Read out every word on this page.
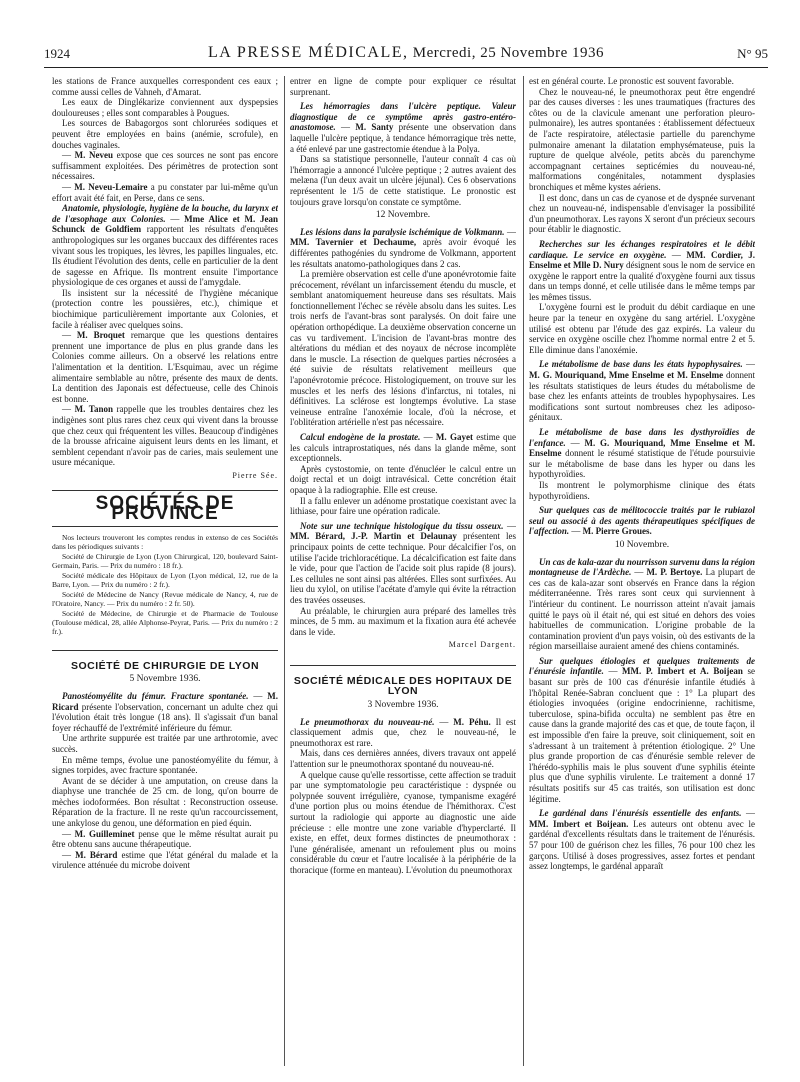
1924	LA PRESSE MÉDICALE, Mercredi, 25 Novembre 1936	N° 95

les stations de France auxquelles correspondent ces eaux ; comme aussi celles de Vahneh, d'Amarat.

Les eaux de Dinglékarize conviennent aux dyspepsies douloureuses ; elles sont comparables à Pougues.

Les sources de Babagorgos sont chlorurées sodiques et peuvent être employées en bains (anémie, scrofule), en douches vaginales.

— M. Neveu expose que ces sources ne sont pas encore suffisamment exploitées. Des périmètres de protection sont nécessaires.

— M. Neveu-Lemaire a pu constater par lui-même qu'un effort avait été fait, en Perse, dans ce sens.

Anatomie, physiologie, hygiène de la bouche, du larynx et de l'œsophage aux Colonies. — Mme Alice et M. Jean Schunck de Goldfiem rapportent les résultats d'enquêtes anthropologiques sur les organes buccaux des différentes races vivant sous les tropiques, les lèvres, les papilles linguales, etc. Ils étudient l'évolution des dents, celle en particulier de la dent de sagesse en Afrique. Ils montrent ensuite l'importance physiologique de ces organes et aussi de l'amygdale.

Ils insistent sur la nécessité de l'hygiène mécanique (protection contre les poussières, etc.), chimique et biochimique particulièrement importante aux Colonies, et facile à réaliser avec quelques soins.

— M. Broquet remarque que les questions dentaires prennent une importance de plus en plus grande dans les Colonies comme ailleurs. On a observé les relations entre l'alimentation et la dentition. L'Esquimau, avec un régime alimentaire semblable au nôtre, présente des maux de dents. La dentition des Japonais est défectueuse, celle des Chinois est bonne.

— M. Tanon rappelle que les troubles dentaires chez les indigènes sont plus rares chez ceux qui vivent dans la brousse que chez ceux qui fréquentent les villes. Beaucoup d'indigènes de la brousse africaine aiguisent leurs dents en les limant, et semblent cependant n'avoir pas de caries, mais seulement une usure mécanique.

Pierre Sée.
SOCIÉTÉS DE PROVINCE

Nos lecteurs trouveront les comptes rendus in extenso de ces Sociétés dans les périodiques suivants :

Société de Chirurgie de Lyon (Lyon Chirurgical, 120, boulevard Saint-Germain, Paris. — Prix du numéro : 18 fr.).

Société médicale des Hôpitaux de Lyon (Lyon médical, 12, rue de la Barre, Lyon. — Prix du numéro : 2 fr.).

Société de Médecine de Nancy (Revue médicale de Nancy, 4, rue de l'Oratoire, Nancy. — Prix du numéro : 2 fr. 50).

Société de Médecine, de Chirurgie et de Pharmacie de Toulouse (Toulouse médical, 28, allée Alphonse-Peyrat, Paris. — Prix du numéro : 2 fr.).

SOCIÉTÉ DE CHIRURGIE DE LYON
5 Novembre 1936.

Panostéomyélite du fémur. Fracture spontanée. — M. Ricard présente l'observation, concernant un adulte chez qui l'évolution était très longue (18 ans). Il s'agissait d'un banal foyer réchauffé de l'extrémité inférieure du fémur.

Une arthrite suppurée est traitée par une arthrotomie, avec succès.

En même temps, évolue une panostéomyélite du fémur, à signes torpides, avec fracture spontanée.

Avant de se décider à une amputation, on creuse dans la diaphyse une tranchée de 25 cm. de long, qu'on bourre de mèches iodoformées. Bon résultat : Reconstruction osseuse. Réparation de la fracture. Il ne reste qu'un raccourcissement, une ankylose du genou, une déformation en pied équin.

— M. Guilleminet pense que le même résultat aurait pu être obtenu sans aucune thérapeutique.

— M. Bérard estime que l'état général du malade et la virulence atténuée du microbe doivent

entrer en ligne de compte pour expliquer ce résultat surprenant.

Les hémorragies dans l'ulcère peptique. Valeur diagnostique de ce symptôme après gastro-entéro-anastomose. — M. Santy présente une observation dans laquelle l'ulcère peptique, à tendance hémorragique très nette, a été enlevé par une gastrectomie étendue à la Polya.

Dans sa statistique personnelle, l'auteur connaît 4 cas où l'hémorragie a annoncé l'ulcère peptique ; 2 autres avaient des melæna (l'un deux avait un ulcère jéjunal). Ces 6 observations représentent le 1/5 de cette statistique. Le pronostic est toujours grave lorsqu'on constate ce symptôme.

12 Novembre.

Les lésions dans la paralysie ischémique de Volkmann. — MM. Tavernier et Dechaume, après avoir évoqué les différentes pathogénies du syndrome de Volkmann, apportent les résultats anatomo-pathologiques dans 2 cas.

La première observation est celle d'une aponévrotomie faite précocement, révélant un infarcissement étendu du muscle, et semblant anatomiquement heureuse dans ses résultats. Mais fonctionnellement l'échec se révèle absolu dans les suites. Les trois nerfs de l'avant-bras sont paralysés. On doit faire une opération orthopédique. La deuxième observation concerne un cas vu tardivement. L'incision de l'avant-bras montre des altérations du médian et des noyaux de nécrose incomplète dans le muscle. La résection de quelques parties nécrosées a été suivie de résultats relativement meilleurs que l'aponévrotomie précoce. Histologiquement, on trouve sur les muscles et les nerfs des lésions d'infarctus, ni totales, ni définitives. La sclérose est longtemps évolutive. La stase veineuse entraîne l'anoxémie locale, d'où la nécrose, et l'oblitération artérielle n'est pas nécessaire.

Calcul endogène de la prostate. — M. Gayet estime que les calculs intraprostatiques, nés dans la glande même, sont exceptionnels.

Après cystostomie, on tente d'énucléer le calcul entre un doigt rectal et un doigt intravésical. Cette concrétion était opaque à la radiographie. Elle est creuse.

Il a fallu enlever un adénome prostatique coexistant avec la lithiase, pour faire une opération radicale.

Note sur une technique histologique du tissu osseux. — MM. Bérard, J.-P. Martin et Delaunay présentent les principaux points de cette technique. Pour décalcifier l'os, on utilise l'acide trichloracétique. La décalcification est faite dans le vide, pour que l'action de l'acide soit plus rapide (8 jours). Les cellules ne sont ainsi pas altérées. Elles sont surfixées. Au lieu du xylol, on utilise l'acétate d'amyle qui évite la rétraction des travées osseuses.

Au préalable, le chirurgien aura préparé des lamelles très minces, de 5 mm. au maximum et la fixation aura été achevée dans le vide.

Marcel Dargent.
SOCIÉTÉ MÉDICALE DES HOPITAUX DE LYON
3 Novembre 1936.

Le pneumothorax du nouveau-né. — M. Péhu. Il est classiquement admis que, chez le nouveau-né, le pneumothorax est rare.

Mais, dans ces dernières années, divers travaux ont appelé l'attention sur le pneumothorax spontané du nouveau-né.

A quelque cause qu'elle ressortisse, cette affection se traduit par une symptomatologie peu caractéristique : dyspnée ou polypnée souvent irrégulière, cyanose, tympanisme exagéré d'une portion plus ou moins étendue de l'hémithorax. C'est surtout la radiologie qui apporte au diagnostic une aide précieuse : elle montre une zone variable d'hyperclarté. Il existe, en effet, deux formes distinctes de pneumothorax : l'une généralisée, amenant un refoulement plus ou moins considérable du cœur et l'autre localisée à la périphérie de la thoracique (forme en manteau). L'évolution du pneumothorax

est en général courte. Le pronostic est souvent favorable.

Chez le nouveau-né, le pneumothorax peut être engendré par des causes diverses : les unes traumatiques (fractures des côtes ou de la clavicule amenant une perforation pleuro-pulmonaire), les autres spontanées : établissement défectueux de l'acte respiratoire, atélectasie partielle du parenchyme pulmonaire amenant la dilatation emphysémateuse, puis la rupture de quelque alvéole, petits abcès du parenchyme accompagnant certaines septicémies du nouveau-né, malformations congénitales, notamment dysplasies bronchiques et même kystes aériens.

Il est donc, dans un cas de cyanose et de dyspnée survenant chez un nouveau-né, indispensable d'envisager la possibilité d'un pneumothorax. Les rayons X seront d'un précieux secours pour établir le diagnostic.

Recherches sur les échanges respiratoires et le débit cardiaque. Le service en oxygène. — MM. Cordier, J. Enselme et Mlle D. Nury désignent sous le nom de service en oxygène le rapport entre la qualité d'oxygène fourni aux tissus dans un temps donné, et celle utilisée dans le même temps par les mêmes tissus.

L'oxygène fourni est le produit du débit cardiaque en une heure par la teneur en oxygène du sang artériel. L'oxygène utilisé est obtenu par l'étude des gaz expirés. La valeur du service en oxygène oscille chez l'homme normal entre 2 et 5. Elle diminue dans l'anoxémie.

Le métabolisme de base dans les états hypophysaires. — M. G. Mouriquand, Mme Enselme et M. Enselme donnent les résultats statistiques de leurs études du métabolisme de base chez les enfants atteints de troubles hypophysaires. Les modifications sont surtout nombreuses chez les adiposo-génitaux.

Le métabolisme de base dans les dysthyroïdies de l'enfance. — M. G. Mouriquand, Mme Enselme et M. Enselme donnent le résumé statistique de l'étude poursuivie sur le métabolisme de base dans les hyper ou dans les hypothyroïdies.

Ils montrent le polymorphisme clinique des états hypothyroïdiens.

Sur quelques cas de mélitococcie traités par le rubiazol seul ou associé à des agents thérapeutiques spécifiques de l'affection. — M. Pierre Groues.

10 Novembre.

Un cas de kala-azar du nourrisson survenu dans la région montagneuse de l'Ardèche. — M. P. Bertoye. La plupart de ces cas de kala-azar sont observés en France dans la région méditerranéenne. Très rares sont ceux qui surviennent à l'intérieur du continent. Le nourrisson atteint n'avait jamais quitté le pays où il était né, qui est situé en dehors des voies habituelles de communication. L'origine probable de la contamination provient d'un pays voisin, où des estivants de la région marseillaise auraient amené des chiens contaminés.

Sur quelques étiologies et quelques traitements de l'énurésie infantile. — MM. P. Imbert et A. Boijean se basant sur près de 100 cas d'énurésie infantile étudiés à l'hôpital Renée-Sabran concluent que : 1° La plupart des étiologies invoquées (origine endocrinienne, rachitisme, tuberculose, spina-bifida occulta) ne semblent pas être en cause dans la grande majorité des cas et que, de toute façon, il est impossible d'en faire la preuve, soit cliniquement, soit en s'adressant à un traitement à prétention étiologique. 2° Une plus grande proportion de cas d'énurésie semble relever de l'hérédo-syphilis mais le plus souvent d'une syphilis éteinte plus que d'une syphilis virulente. Le traitement a donné 17 résultats positifs sur 45 cas traités, son utilisation est donc légitime.

Le gardénal dans l'énurésis essentielle des enfants. — MM. Imbert et Boijean. Les auteurs ont obtenu avec le gardénal d'excellents résultats dans le traitement de l'énurésis. 57 pour 100 de guérison chez les filles, 76 pour 100 chez les garçons. Utilisé à doses progressives, assez fortes et pendant assez longtemps, le gardénal apparaît
